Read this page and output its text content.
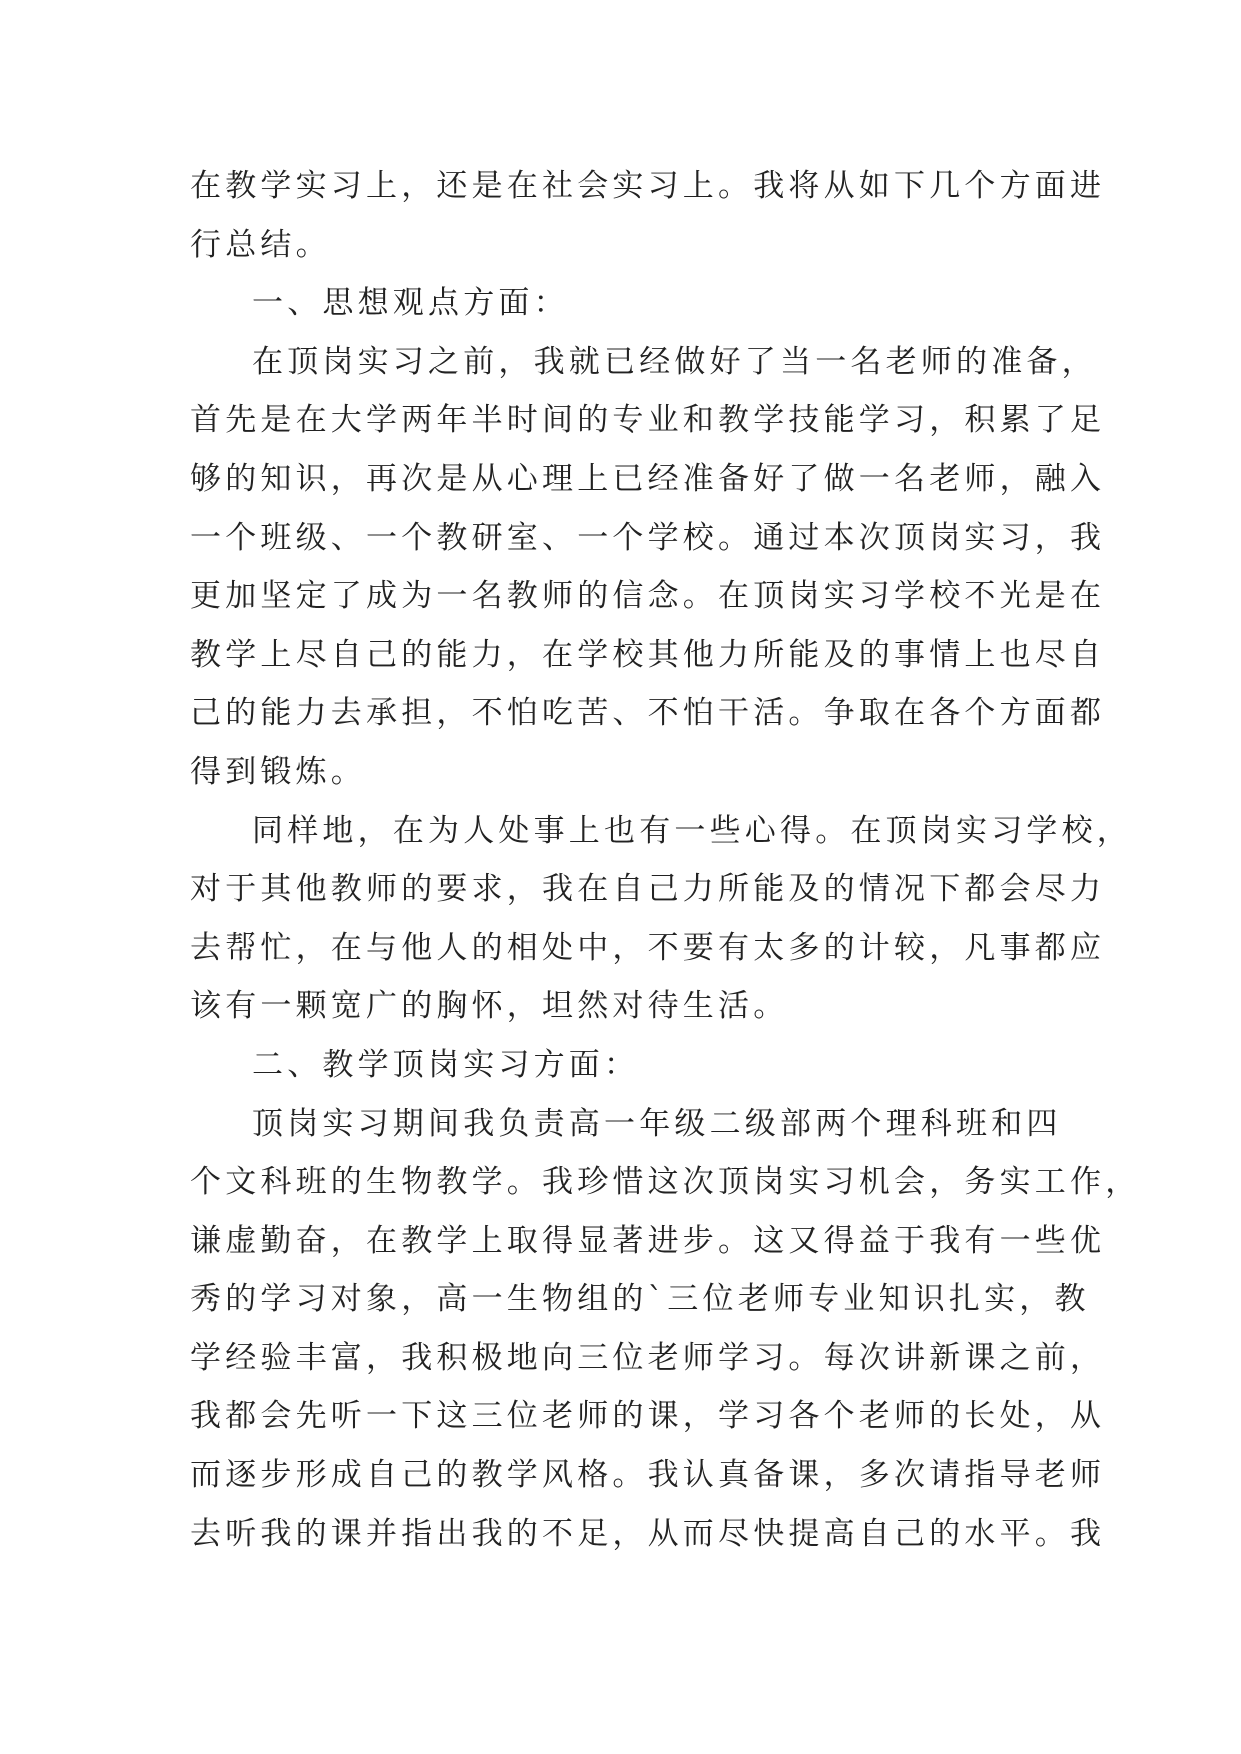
在教学实习上，还是在社会实习上。我将从如下几个方面进
行总结。
一、思想观点方面：
在顶岗实习之前，我就已经做好了当一名老师的准备，
首先是在大学两年半时间的专业和教学技能学习，积累了足
够的知识，再次是从心理上已经准备好了做一名老师，融入
一个班级、一个教研室、一个学校。通过本次顶岗实习，我
更加坚定了成为一名教师的信念。在顶岗实习学校不光是在
教学上尽自己的能力，在学校其他力所能及的事情上也尽自
己的能力去承担，不怕吃苦、不怕干活。争取在各个方面都
得到锻炼。
同样地，在为人处事上也有一些心得。在顶岗实习学校，
对于其他教师的要求，我在自己力所能及的情况下都会尽力
去帮忙，在与他人的相处中，不要有太多的计较，凡事都应
该有一颗宽广的胸怀，坦然对待生活。
二、教学顶岗实习方面：
顶岗实习期间我负责高一年级二级部两个理科班和四
个文科班的生物教学。我珍惜这次顶岗实习机会，务实工作，
谦虚勤奋，在教学上取得显著进步。这又得益于我有一些优
秀的学习对象，高一生物组的`三位老师专业知识扎实，教
学经验丰富，我积极地向三位老师学习。每次讲新课之前，
我都会先听一下这三位老师的课，学习各个老师的长处，从
而逐步形成自己的教学风格。我认真备课，多次请指导老师
去听我的课并指出我的不足，从而尽快提高自己的水平。我
